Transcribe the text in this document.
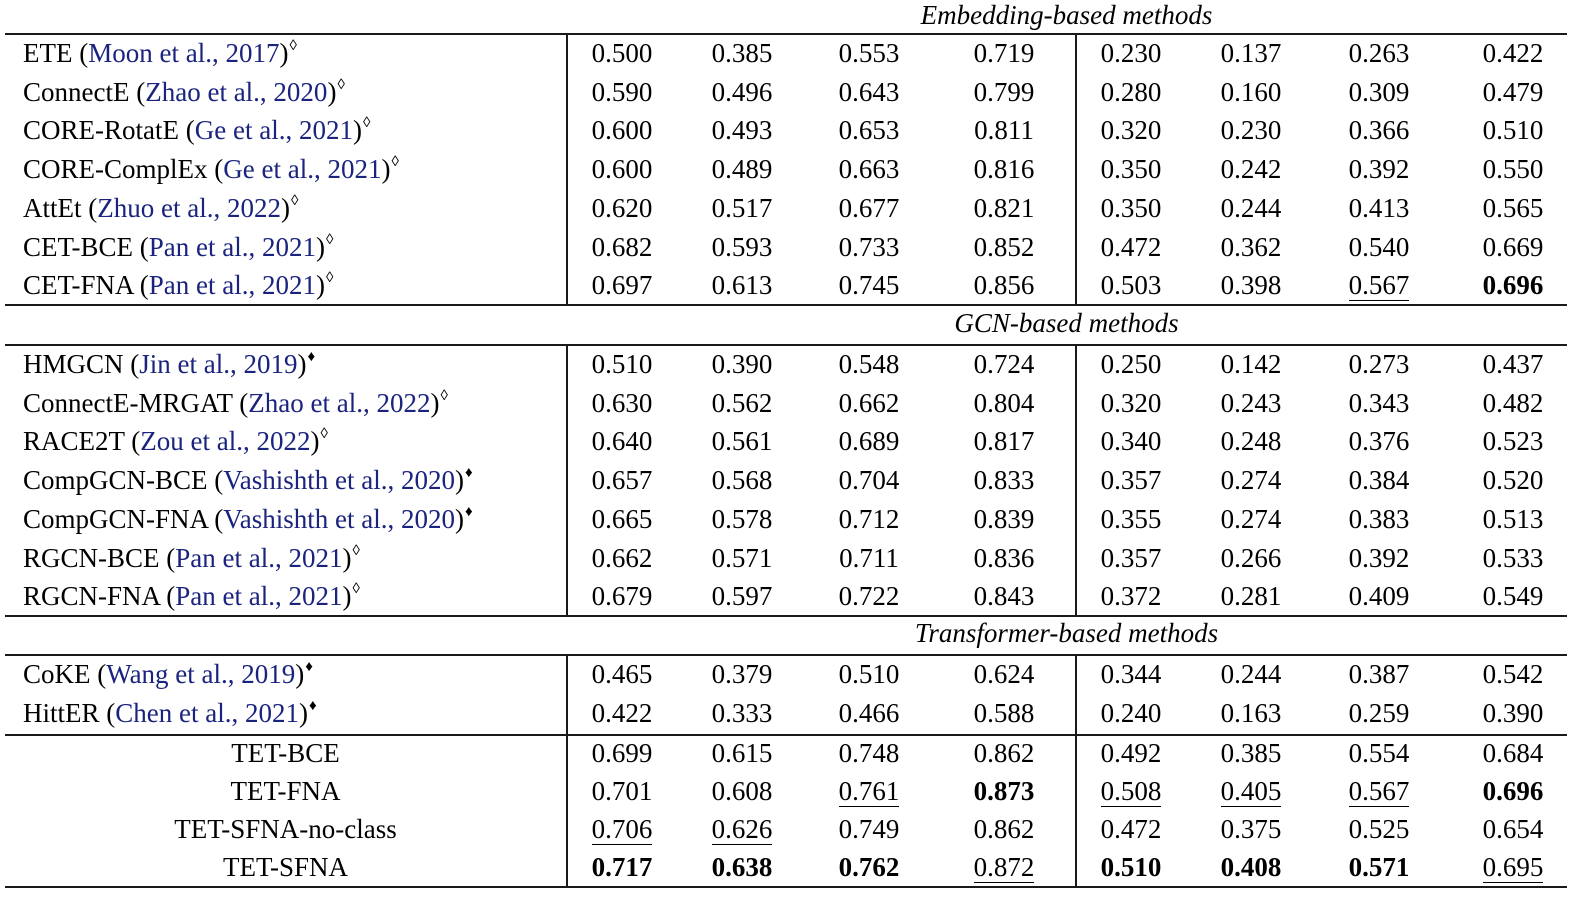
Embedding-based methods
ETE (Moon et al., 2017)◊	0.500	0.385	0.553	0.719	0.230	0.137	0.263	0.422
ConnectE (Zhao et al., 2020)◊	0.590	0.496	0.643	0.799	0.280	0.160	0.309	0.479
CORE-RotatE (Ge et al., 2021)◊	0.600	0.493	0.653	0.811	0.320	0.230	0.366	0.510
CORE-ComplEx (Ge et al., 2021)◊	0.600	0.489	0.663	0.816	0.350	0.242	0.392	0.550
AttEt (Zhuo et al., 2022)◊	0.620	0.517	0.677	0.821	0.350	0.244	0.413	0.565
CET-BCE (Pan et al., 2021)◊	0.682	0.593	0.733	0.852	0.472	0.362	0.540	0.669
CET-FNA (Pan et al., 2021)◊	0.697	0.613	0.745	0.856	0.503	0.398	0.567	0.696
GCN-based methods
HMGCN (Jin et al., 2019)♦	0.510	0.390	0.548	0.724	0.250	0.142	0.273	0.437
ConnectE-MRGAT (Zhao et al., 2022)◊	0.630	0.562	0.662	0.804	0.320	0.243	0.343	0.482
RACE2T (Zou et al., 2022)◊	0.640	0.561	0.689	0.817	0.340	0.248	0.376	0.523
CompGCN-BCE (Vashishth et al., 2020)♦	0.657	0.568	0.704	0.833	0.357	0.274	0.384	0.520
CompGCN-FNA (Vashishth et al., 2020)♦	0.665	0.578	0.712	0.839	0.355	0.274	0.383	0.513
RGCN-BCE (Pan et al., 2021)◊	0.662	0.571	0.711	0.836	0.357	0.266	0.392	0.533
RGCN-FNA (Pan et al., 2021)◊	0.679	0.597	0.722	0.843	0.372	0.281	0.409	0.549
Transformer-based methods
CoKE (Wang et al., 2019)♦	0.465	0.379	0.510	0.624	0.344	0.244	0.387	0.542
HittER (Chen et al., 2021)♦	0.422	0.333	0.466	0.588	0.240	0.163	0.259	0.390
TET-BCE	0.699	0.615	0.748	0.862	0.492	0.385	0.554	0.684
TET-FNA	0.701	0.608	0.761	0.873	0.508	0.405	0.567	0.696
TET-SFNA-no-class	0.706	0.626	0.749	0.862	0.472	0.375	0.525	0.654
TET-SFNA	0.717	0.638	0.762	0.872	0.510	0.408	0.571	0.695
